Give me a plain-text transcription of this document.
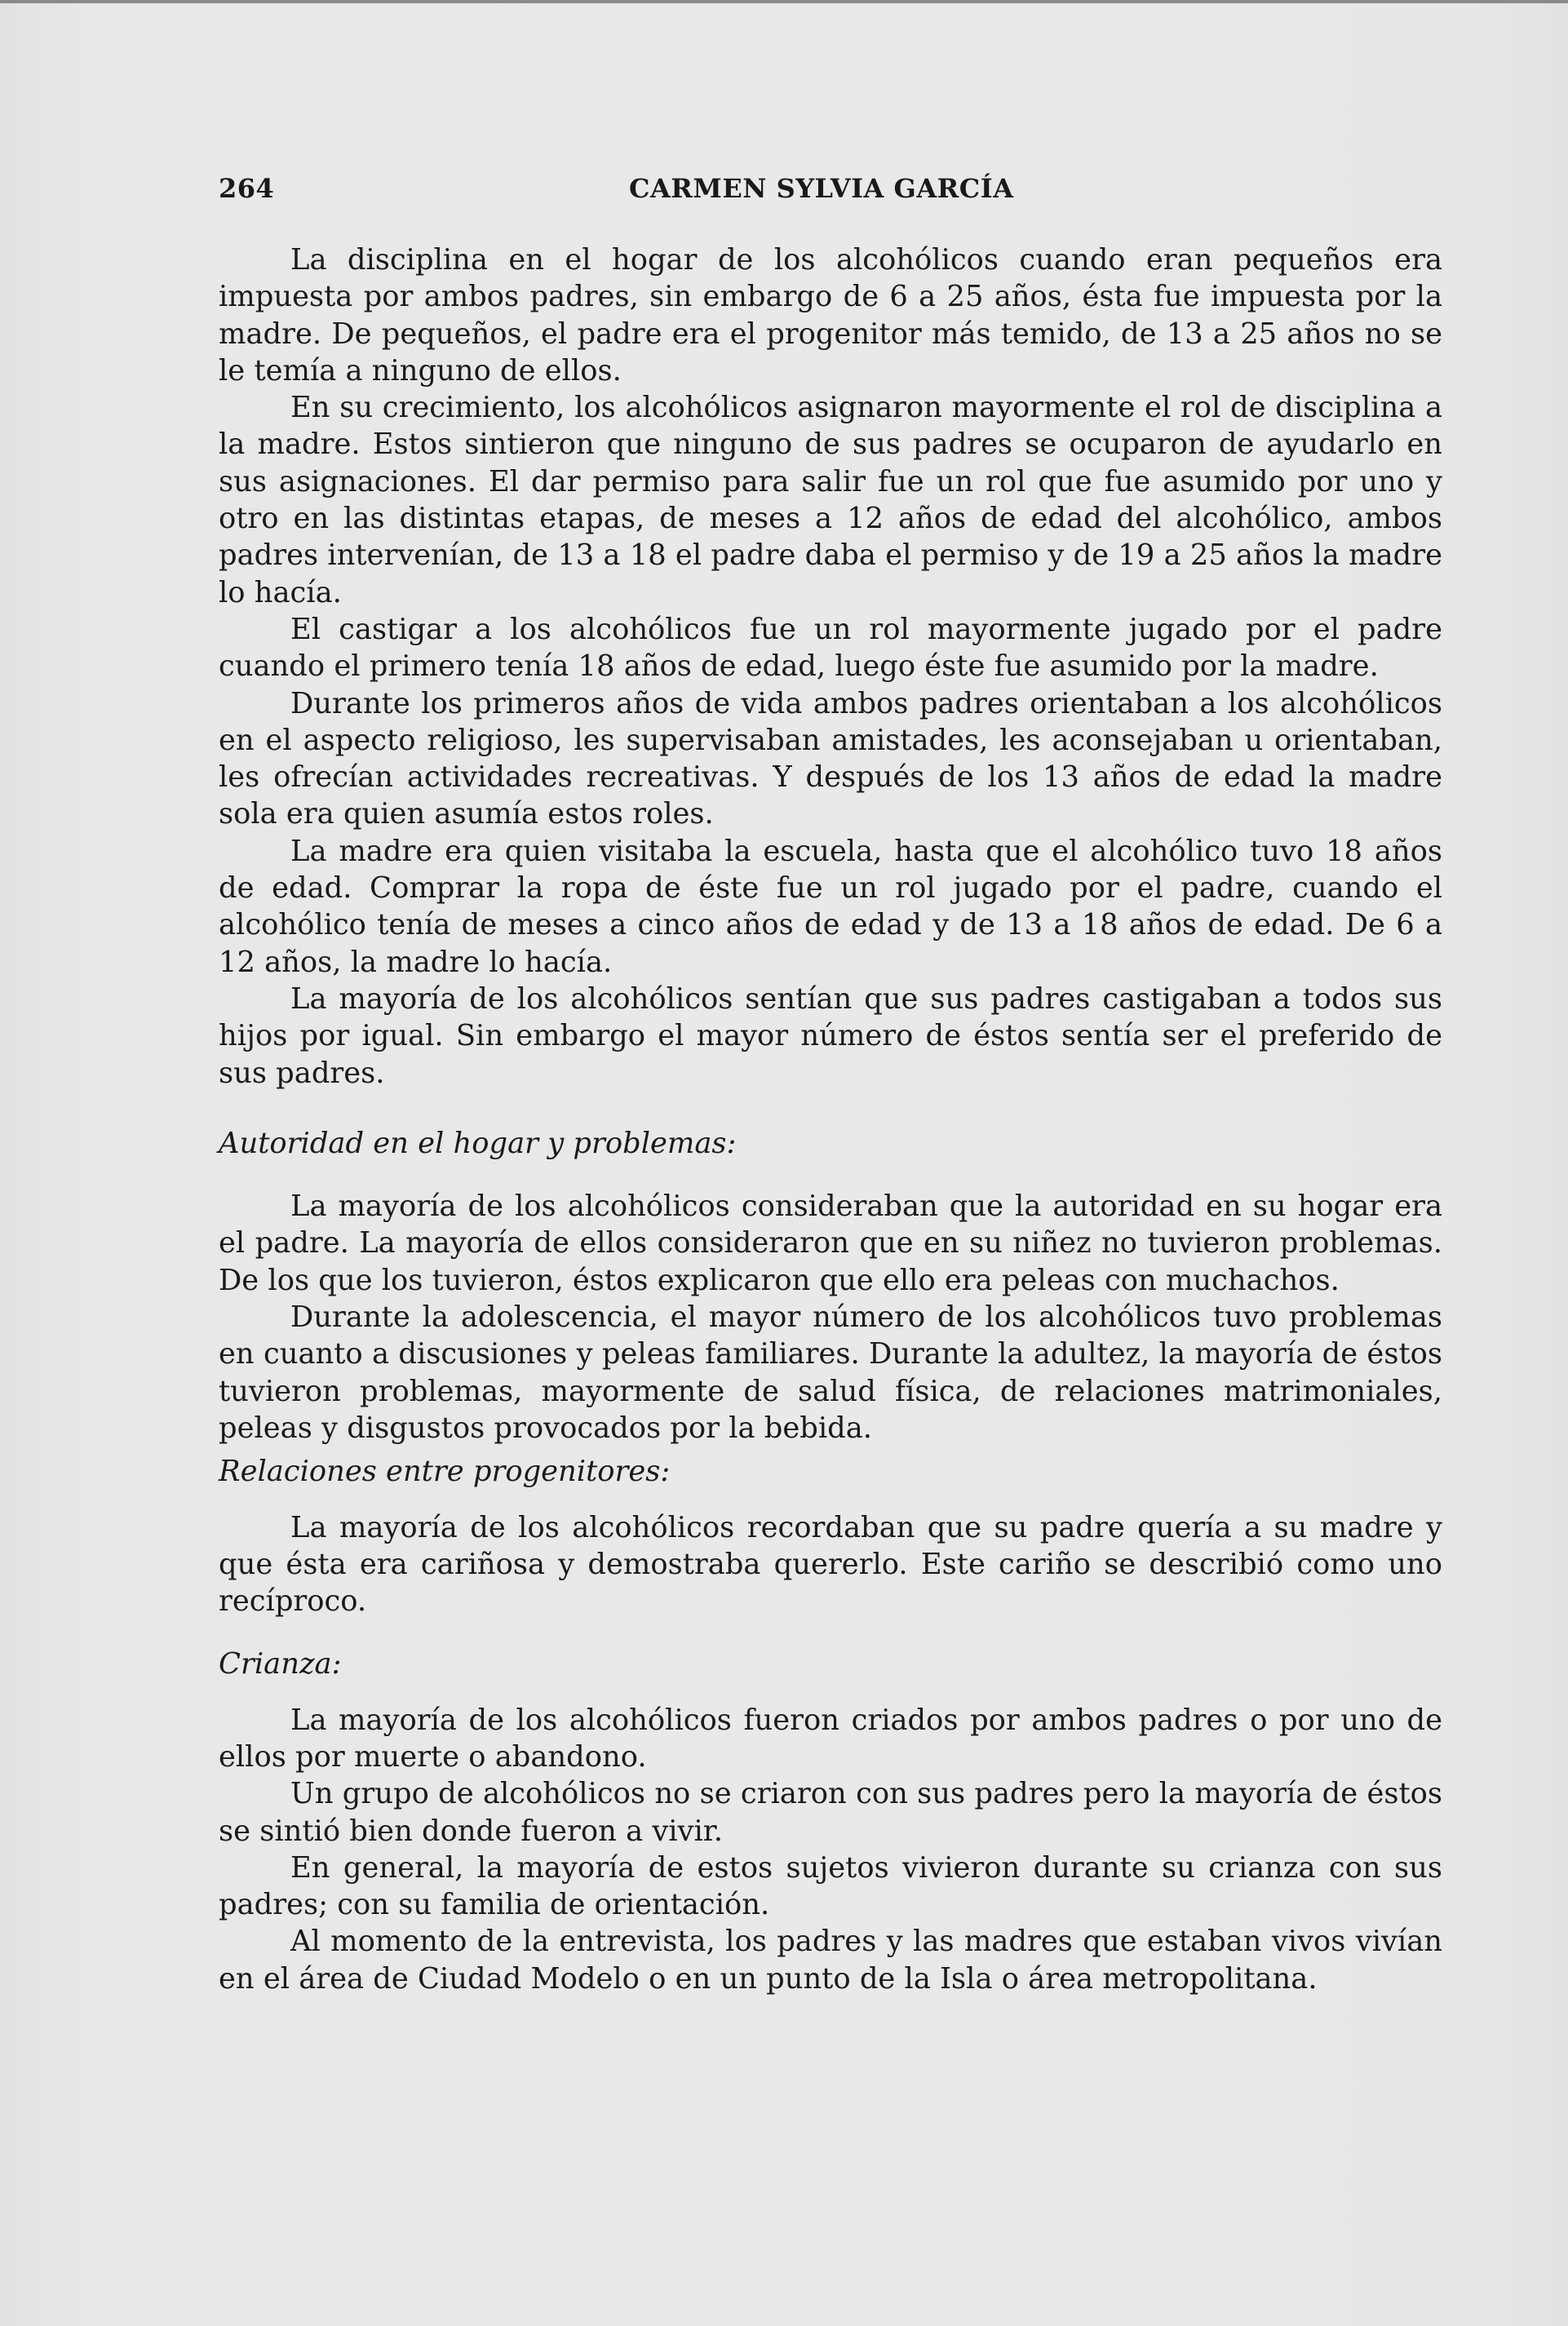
264	CARMEN SYLVIA GARCÍA

La disciplina en el hogar de los alcohólicos cuando eran pequeños era impuesta por ambos padres, sin embargo de 6 a 25 años, ésta fue impuesta por la madre. De pequeños, el padre era el progenitor más temido, de 13 a 25 años no se le temía a ninguno de ellos.

En su crecimiento, los alcohólicos asignaron mayormente el rol de disciplina a la madre. Estos sintieron que ninguno de sus padres se ocuparon de ayudarlo en sus asignaciones. El dar permiso para salir fue un rol que fue asumido por uno y otro en las distintas etapas, de meses a 12 años de edad del alcohólico, ambos padres intervenían, de 13 a 18 el padre daba el permiso y de 19 a 25 años la madre lo hacía.

El castigar a los alcohólicos fue un rol mayormente jugado por el padre cuando el primero tenía 18 años de edad, luego éste fue asumido por la madre.

Durante los primeros años de vida ambos padres orientaban a los alcohólicos en el aspecto religioso, les supervisaban amistades, les aconsejaban u orientaban, les ofrecían actividades recreativas. Y después de los 13 años de edad la madre sola era quien asumía estos roles.

La madre era quien visitaba la escuela, hasta que el alcohólico tuvo 18 años de edad. Comprar la ropa de éste fue un rol jugado por el padre, cuando el alcohólico tenía de meses a cinco años de edad y de 13 a 18 años de edad. De 6 a 12 años, la madre lo hacía.

La mayoría de los alcohólicos sentían que sus padres castigaban a todos sus hijos por igual. Sin embargo el mayor número de éstos sentía ser el preferido de sus padres.

Autoridad en el hogar y problemas:

La mayoría de los alcohólicos consideraban que la autoridad en su hogar era el padre. La mayoría de ellos consideraron que en su niñez no tuvieron problemas. De los que los tuvieron, éstos explicaron que ello era peleas con muchachos.

Durante la adolescencia, el mayor número de los alcohólicos tuvo problemas en cuanto a discusiones y peleas familiares. Durante la adultez, la mayoría de éstos tuvieron problemas, mayormente de salud física, de relaciones matrimoniales, peleas y disgustos provocados por la bebida.

Relaciones entre progenitores:

La mayoría de los alcohólicos recordaban que su padre quería a su madre y que ésta era cariñosa y demostraba quererlo. Este cariño se describió como uno recíproco.

Crianza:

La mayoría de los alcohólicos fueron criados por ambos padres o por uno de ellos por muerte o abandono.

Un grupo de alcohólicos no se criaron con sus padres pero la mayoría de éstos se sintió bien donde fueron a vivir.

En general, la mayoría de estos sujetos vivieron durante su crianza con sus padres; con su familia de orientación.

Al momento de la entrevista, los padres y las madres que estaban vivos vivían en el área de Ciudad Modelo o en un punto de la Isla o área metropolitana.
